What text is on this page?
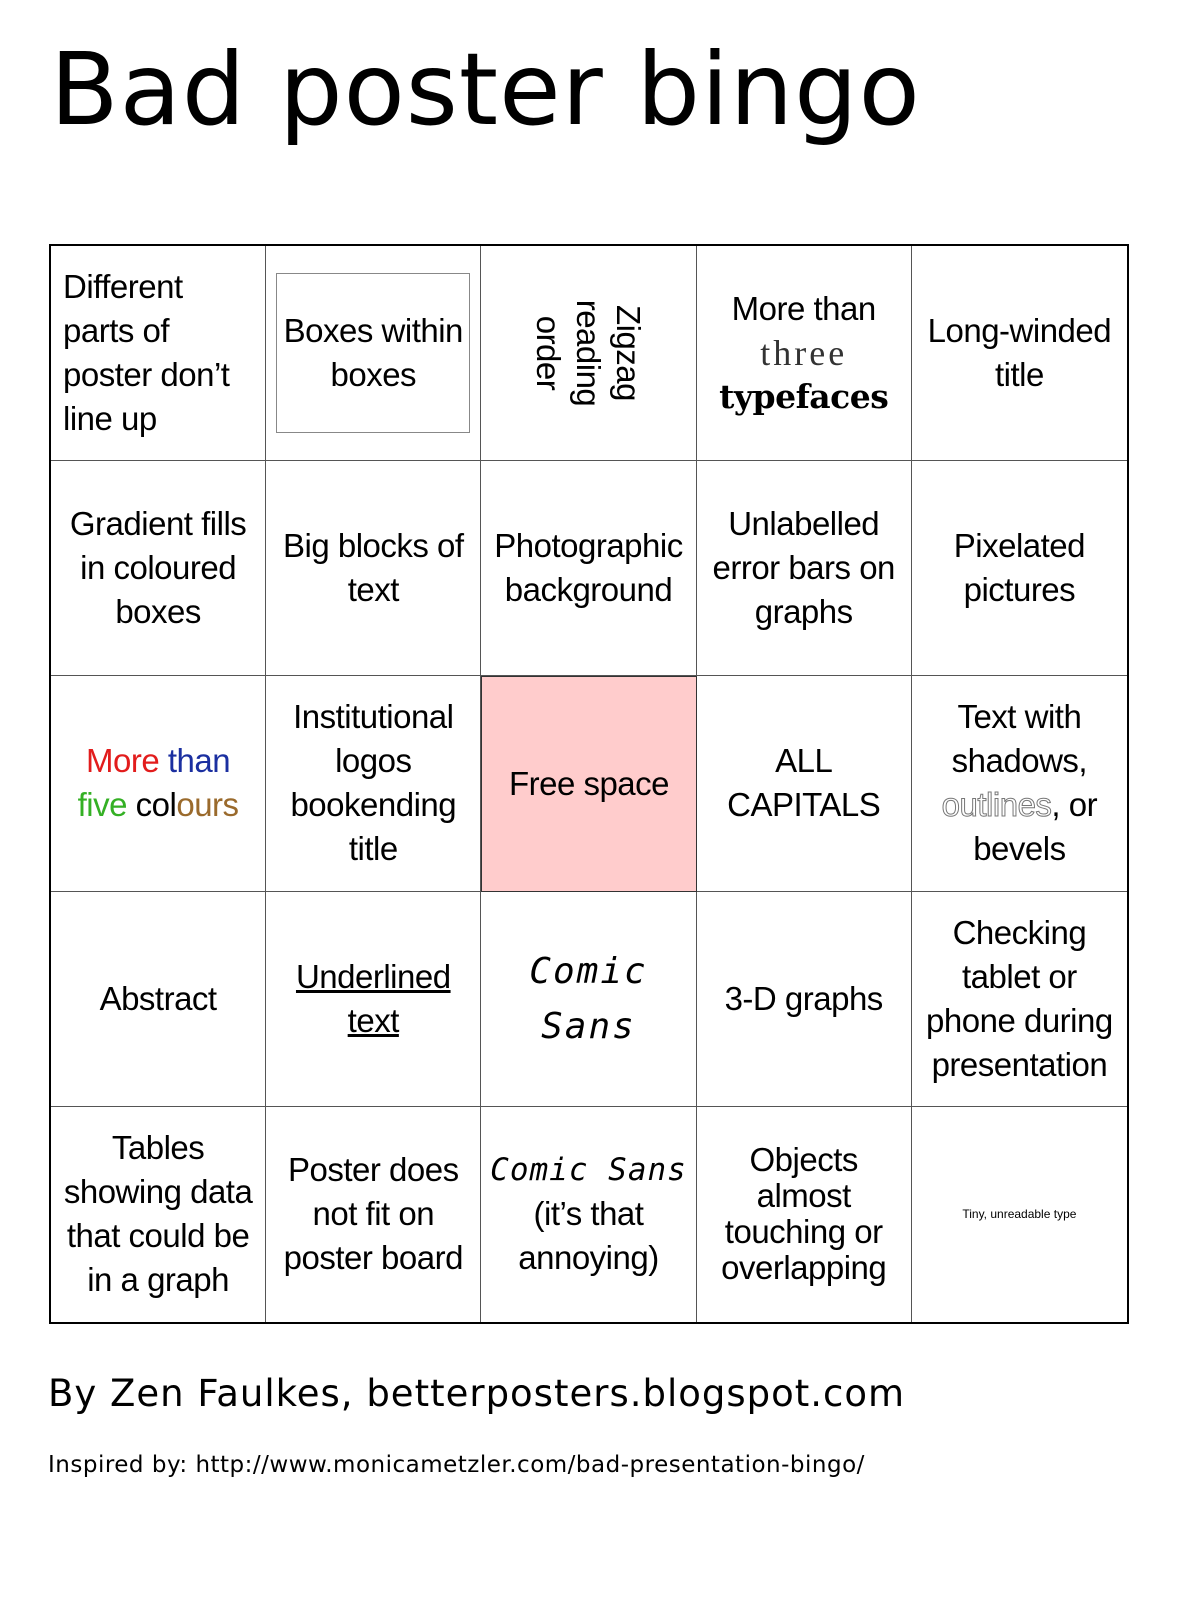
Bad poster bingo
Different parts of poster don’t line up
Boxes within boxes	Zigzag reading order
More than
three
typefaces
Long-winded title
Gradient fills in coloured boxes
Big blocks of text
Photographic background
Unlabelled error bars on graphs
Pixelated pictures
More than
five colours
Institutional logos bookending title
Free space
ALL CAPITALS
Text with shadows,
outlines, or bevels
Abstract
Underlined text
Comic Sans
3-D graphs
Checking tablet or phone during presentation
Tables showing data that could be in a graph
Poster does not fit on poster board
Comic Sans
(it’s that annoying)
Objects almost touching or overlapping
Tiny, unreadable type
By Zen Faulkes, betterposters.blogspot.com
Inspired by: http://www.monicametzler.com/bad-presentation-bingo/
